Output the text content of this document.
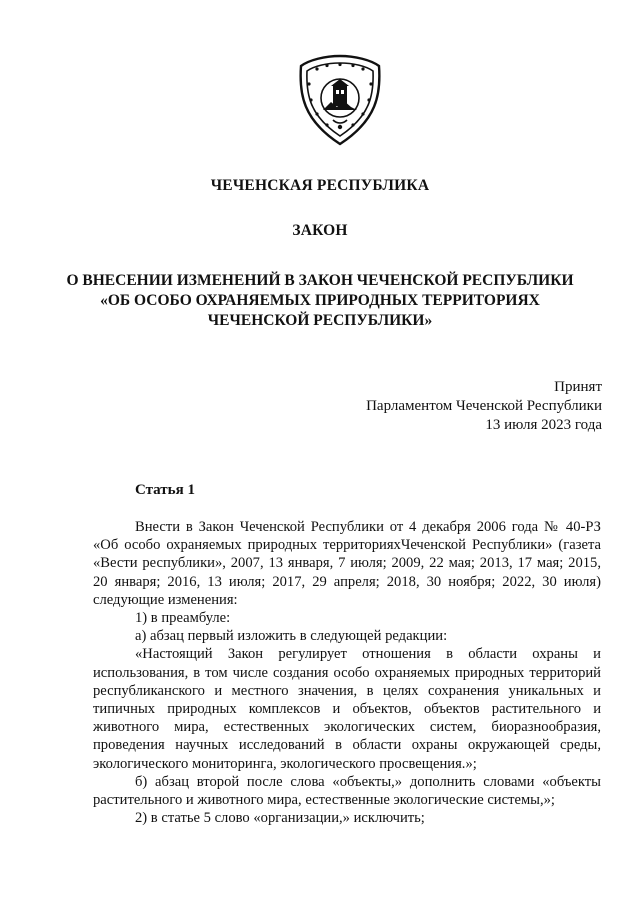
ЧЕЧЕНСКАЯ РЕСПУБЛИКА
ЗАКОН
О ВНЕСЕНИИ ИЗМЕНЕНИЙ В ЗАКОН ЧЕЧЕНСКОЙ РЕСПУБЛИКИ
«ОБ ОСОБО ОХРАНЯЕМЫХ ПРИРОДНЫХ ТЕРРИТОРИЯХ
ЧЕЧЕНСКОЙ РЕСПУБЛИКИ»
Принят
Парламентом Чеченской Республики
13 июля 2023 года
Статья 1

Внести в Закон Чеченской Республики от 4 декабря 2006 года № 40-РЗ «Об особо охраняемых природных территорияхЧеченской Республики» (газета «Вести республики», 2007, 13 января, 7 июля; 2009, 22 мая; 2013, 17 мая; 2015, 20 января; 2016, 13 июля; 2017, 29 апреля; 2018, 30 ноября; 2022, 30 июля) следующие изменения:

1) в преамбуле:

а) абзац первый изложить в следующей редакции:

«Настоящий Закон регулирует отношения в области охраны и использования, в том числе создания особо охраняемых природных территорий республиканского и местного значения, в целях сохранения уникальных и типичных природных комплексов и объектов, объектов растительного и животного мира, естественных экологических систем, биоразнообразия, проведения научных исследований в области охраны окружающей среды, экологического мониторинга, экологического просвещения.»;

б) абзац второй после слова «объекты,» дополнить словами «объекты растительного и животного мира, естественные экологические системы,»;

2) в статье 5 слово «организации,» исключить;
